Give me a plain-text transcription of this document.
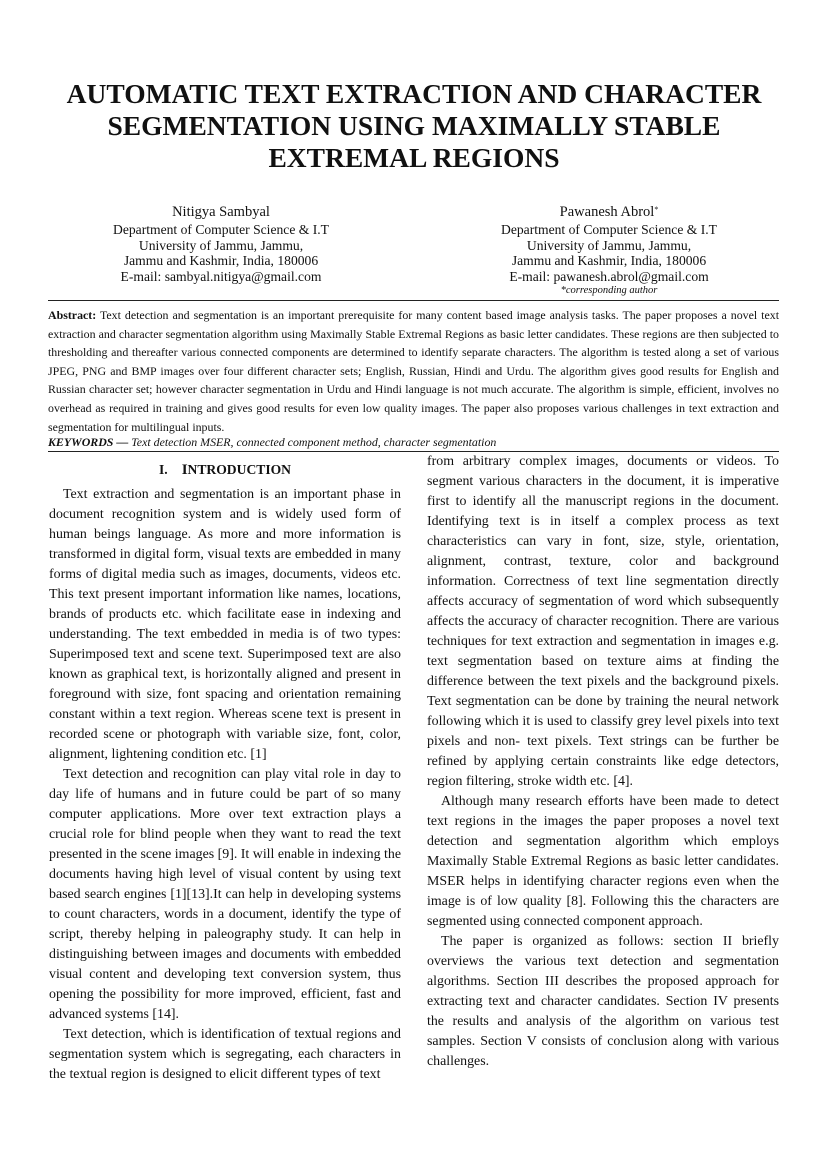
AUTOMATIC TEXT EXTRACTION AND CHARACTER
SEGMENTATION USING MAXIMALLY STABLE
EXTREMAL REGIONS
Nitigya Sambyal
Department of Computer Science & I.T
University of Jammu, Jammu,
Jammu and Kashmir, India, 180006
E-mail: sambyal.nitigya@gmail.com
Pawanesh Abrol*
Department of Computer Science & I.T
University of Jammu, Jammu,
Jammu and Kashmir, India, 180006
E-mail: pawanesh.abrol@gmail.com
*corresponding author

Abstract: Text detection and segmentation is an important prerequisite for many content based image analysis tasks. The paper proposes a novel text extraction and character segmentation algorithm using Maximally Stable Extremal Regions as basic letter candidates. These regions are then subjected to thresholding and thereafter various connected components are determined to identify separate characters. The algorithm is tested along a set of various JPEG, PNG and BMP images over four different character sets; English, Russian, Hindi and Urdu. The algorithm gives good results for English and Russian character set; however character segmentation in Urdu and Hindi language is not much accurate. The algorithm is simple, efficient, involves no overhead as required in training and gives good results for even low quality images. The paper also proposes various challenges in text extraction and segmentation for multilingual inputs.

KEYWORDS — Text detection MSER, connected component method, character segmentation

I. INTRODUCTION

Text extraction and segmentation is an important phase in document recognition system and is widely used form of human beings language. As more and more information is transformed in digital form, visual texts are embedded in many forms of digital media such as images, documents, videos etc. This text present important information like names, locations, brands of products etc. which facilitate ease in indexing and understanding. The text embedded in media is of two types: Superimposed text and scene text. Superimposed text are also known as graphical text, is horizontally aligned and present in foreground with size, font spacing and orientation remaining constant within a text region. Whereas scene text is present in recorded scene or photograph with variable size, font, color, alignment, lightening condition etc. [1]

Text detection and recognition can play vital role in day to day life of humans and in future could be part of so many computer applications. More over text extraction plays a crucial role for blind people when they want to read the text presented in the scene images [9]. It will enable in indexing the documents having high level of visual content by using text based search engines [1][13].It can help in developing systems to count characters, words in a document, identify the type of script, thereby helping in paleography study. It can help in distinguishing between images and documents with embedded visual content and developing text conversion system, thus opening the possibility for more improved, efficient, fast and advanced systems [14].

Text detection, which is identification of textual regions and segmentation system which is segregating, each characters in the textual region is designed to elicit different types of text

from arbitrary complex images, documents or videos. To segment various characters in the document, it is imperative first to identify all the manuscript regions in the document. Identifying text is in itself a complex process as text characteristics can vary in font, size, style, orientation, alignment, contrast, texture, color and background information. Correctness of text line segmentation directly affects accuracy of segmentation of word which subsequently affects the accuracy of character recognition. There are various techniques for text extraction and segmentation in images e.g. text segmentation based on texture aims at finding the difference between the text pixels and the background pixels. Text segmentation can be done by training the neural network following which it is used to classify grey level pixels into text pixels and non- text pixels. Text strings can be further be refined by applying certain constraints like edge detectors, region filtering, stroke width etc. [4].

Although many research efforts have been made to detect text regions in the images the paper proposes a novel text detection and segmentation algorithm which employs Maximally Stable Extremal Regions as basic letter candidates. MSER helps in identifying character regions even when the image is of low quality [8]. Following this the characters are segmented using connected component approach.

The paper is organized as follows: section II briefly overviews the various text detection and segmentation algorithms. Section III describes the proposed approach for extracting text and character candidates. Section IV presents the results and analysis of the algorithm on various test samples. Section V consists of conclusion along with various challenges.
